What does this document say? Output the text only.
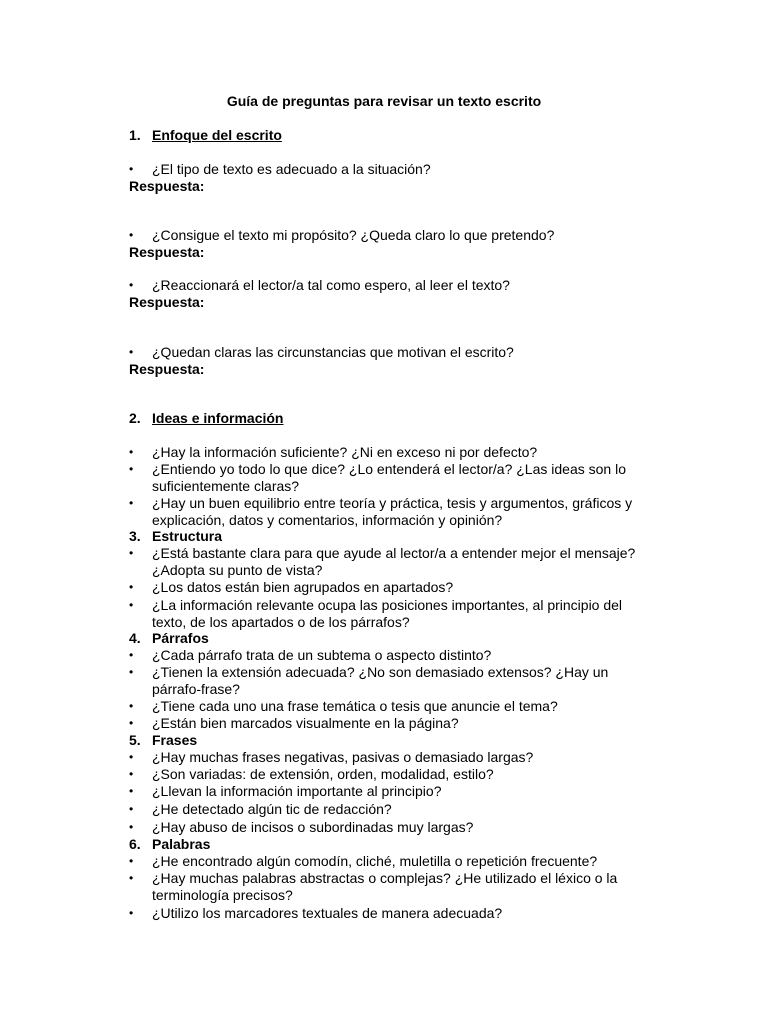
Guía de preguntas para revisar un texto escrito
1. Enfoque del escrito
•	¿El tipo de texto es adecuado a la situación?
Respuesta:
•	¿Consigue el texto mi propósito? ¿Queda claro lo que pretendo?
Respuesta:
•	¿Reaccionará el lector/a tal como espero, al leer el texto?
Respuesta:
•	¿Quedan claras las circunstancias que motivan el escrito?
Respuesta:
2. Ideas e información
•	¿Hay la información suficiente? ¿Ni en exceso ni por defecto?
•	¿Entiendo yo todo lo que dice? ¿Lo entenderá el lector/a? ¿Las ideas son lo suficientemente claras?
•	¿Hay un buen equilibrio entre teoría y práctica, tesis y argumentos, gráficos y explicación, datos y comentarios, información y opinión?
3. Estructura
•	¿Está bastante clara para que ayude al lector/a a entender mejor el mensaje? ¿Adopta su punto de vista?
•	¿Los datos están bien agrupados en apartados?
•	¿La información relevante ocupa las posiciones importantes, al principio del texto, de los apartados o de los párrafos?
4. Párrafos
•	¿Cada párrafo trata de un subtema o aspecto distinto?
•	¿Tienen la extensión adecuada? ¿No son demasiado extensos? ¿Hay un párrafo-frase?
•	¿Tiene cada uno una frase temática o tesis que anuncie el tema?
•	¿Están bien marcados visualmente en la página?
5. Frases
•	¿Hay muchas frases negativas, pasivas o demasiado largas?
•	¿Son variadas: de extensión, orden, modalidad, estilo?
•	¿Llevan la información importante al principio?
•	¿He detectado algún tic de redacción?
•	¿Hay abuso de incisos o subordinadas muy largas?
6. Palabras
•	¿He encontrado algún comodín, cliché, muletilla o repetición frecuente?
•	¿Hay muchas palabras abstractas o complejas? ¿He utilizado el léxico o la terminología precisos?
•	¿Utilizo los marcadores textuales de manera adecuada?
